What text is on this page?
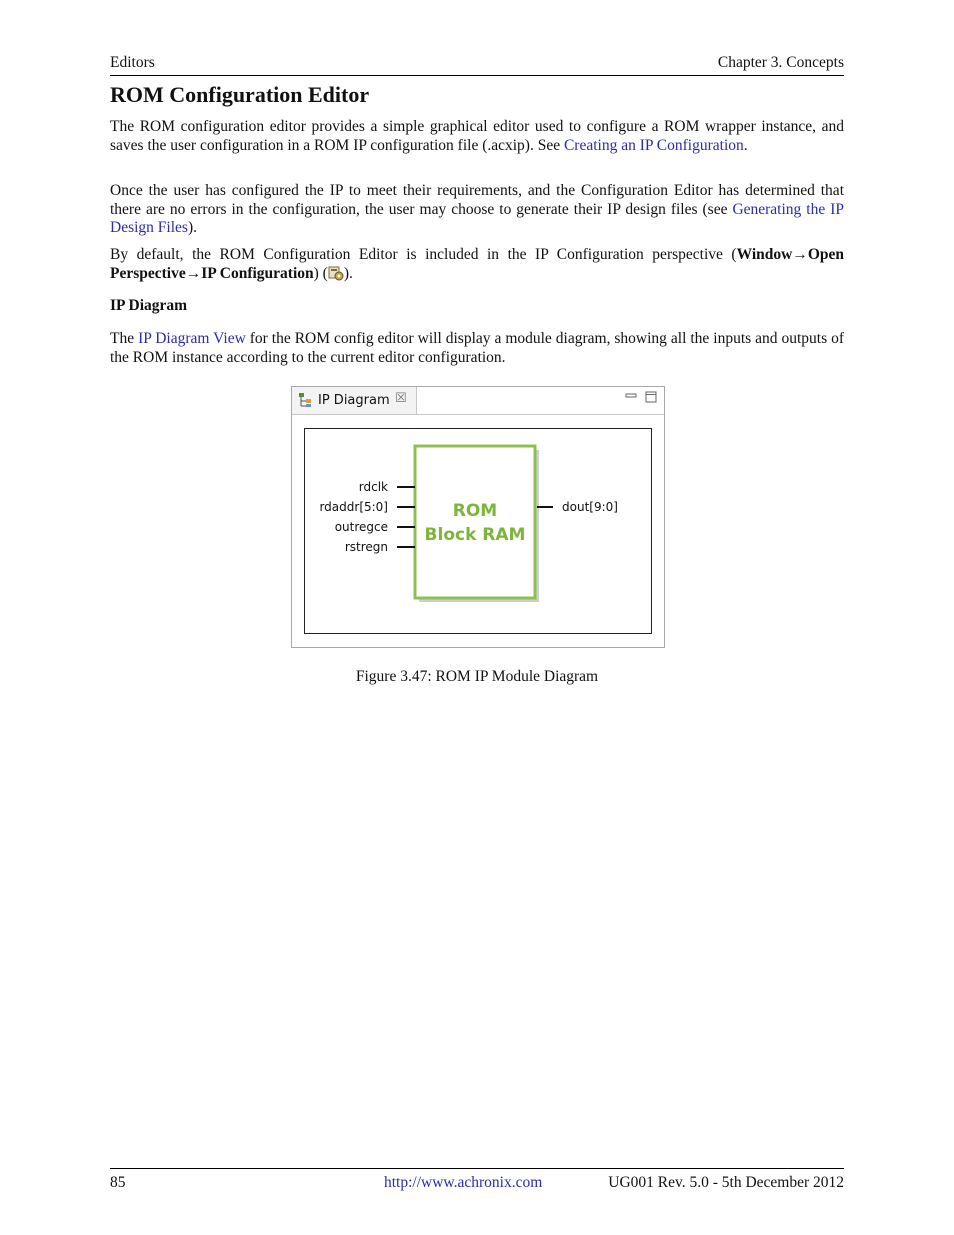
Editors	Chapter 3. Concepts
ROM Configuration Editor

The ROM configuration editor provides a simple graphical editor used to configure a ROM wrapper instance, and saves the user configuration in a ROM IP configuration file (.acxip). See Creating an IP Configuration.

Once the user has configured the IP to meet their requirements, and the Configuration Editor has determined that there are no errors in the configuration, the user may choose to generate their IP design files (see Generating the IP Design Files).

By default, the ROM Configuration Editor is included in the IP Configuration perspective (Window→Open Perspective→IP Configuration) ( ).

IP Diagram

The IP Diagram View for the ROM config editor will display a module diagram, showing all the inputs and outputs of the ROM instance according to the current editor configuration.

IP Diagram ☒
ROM
Block RAM
rdclk
rdaddr[5:0]
outregce
rstregn
dout[9:0]
Figure 3.47: ROM IP Module Diagram
85	http://www.achronix.com	UG001 Rev. 5.0 - 5th December 2012
